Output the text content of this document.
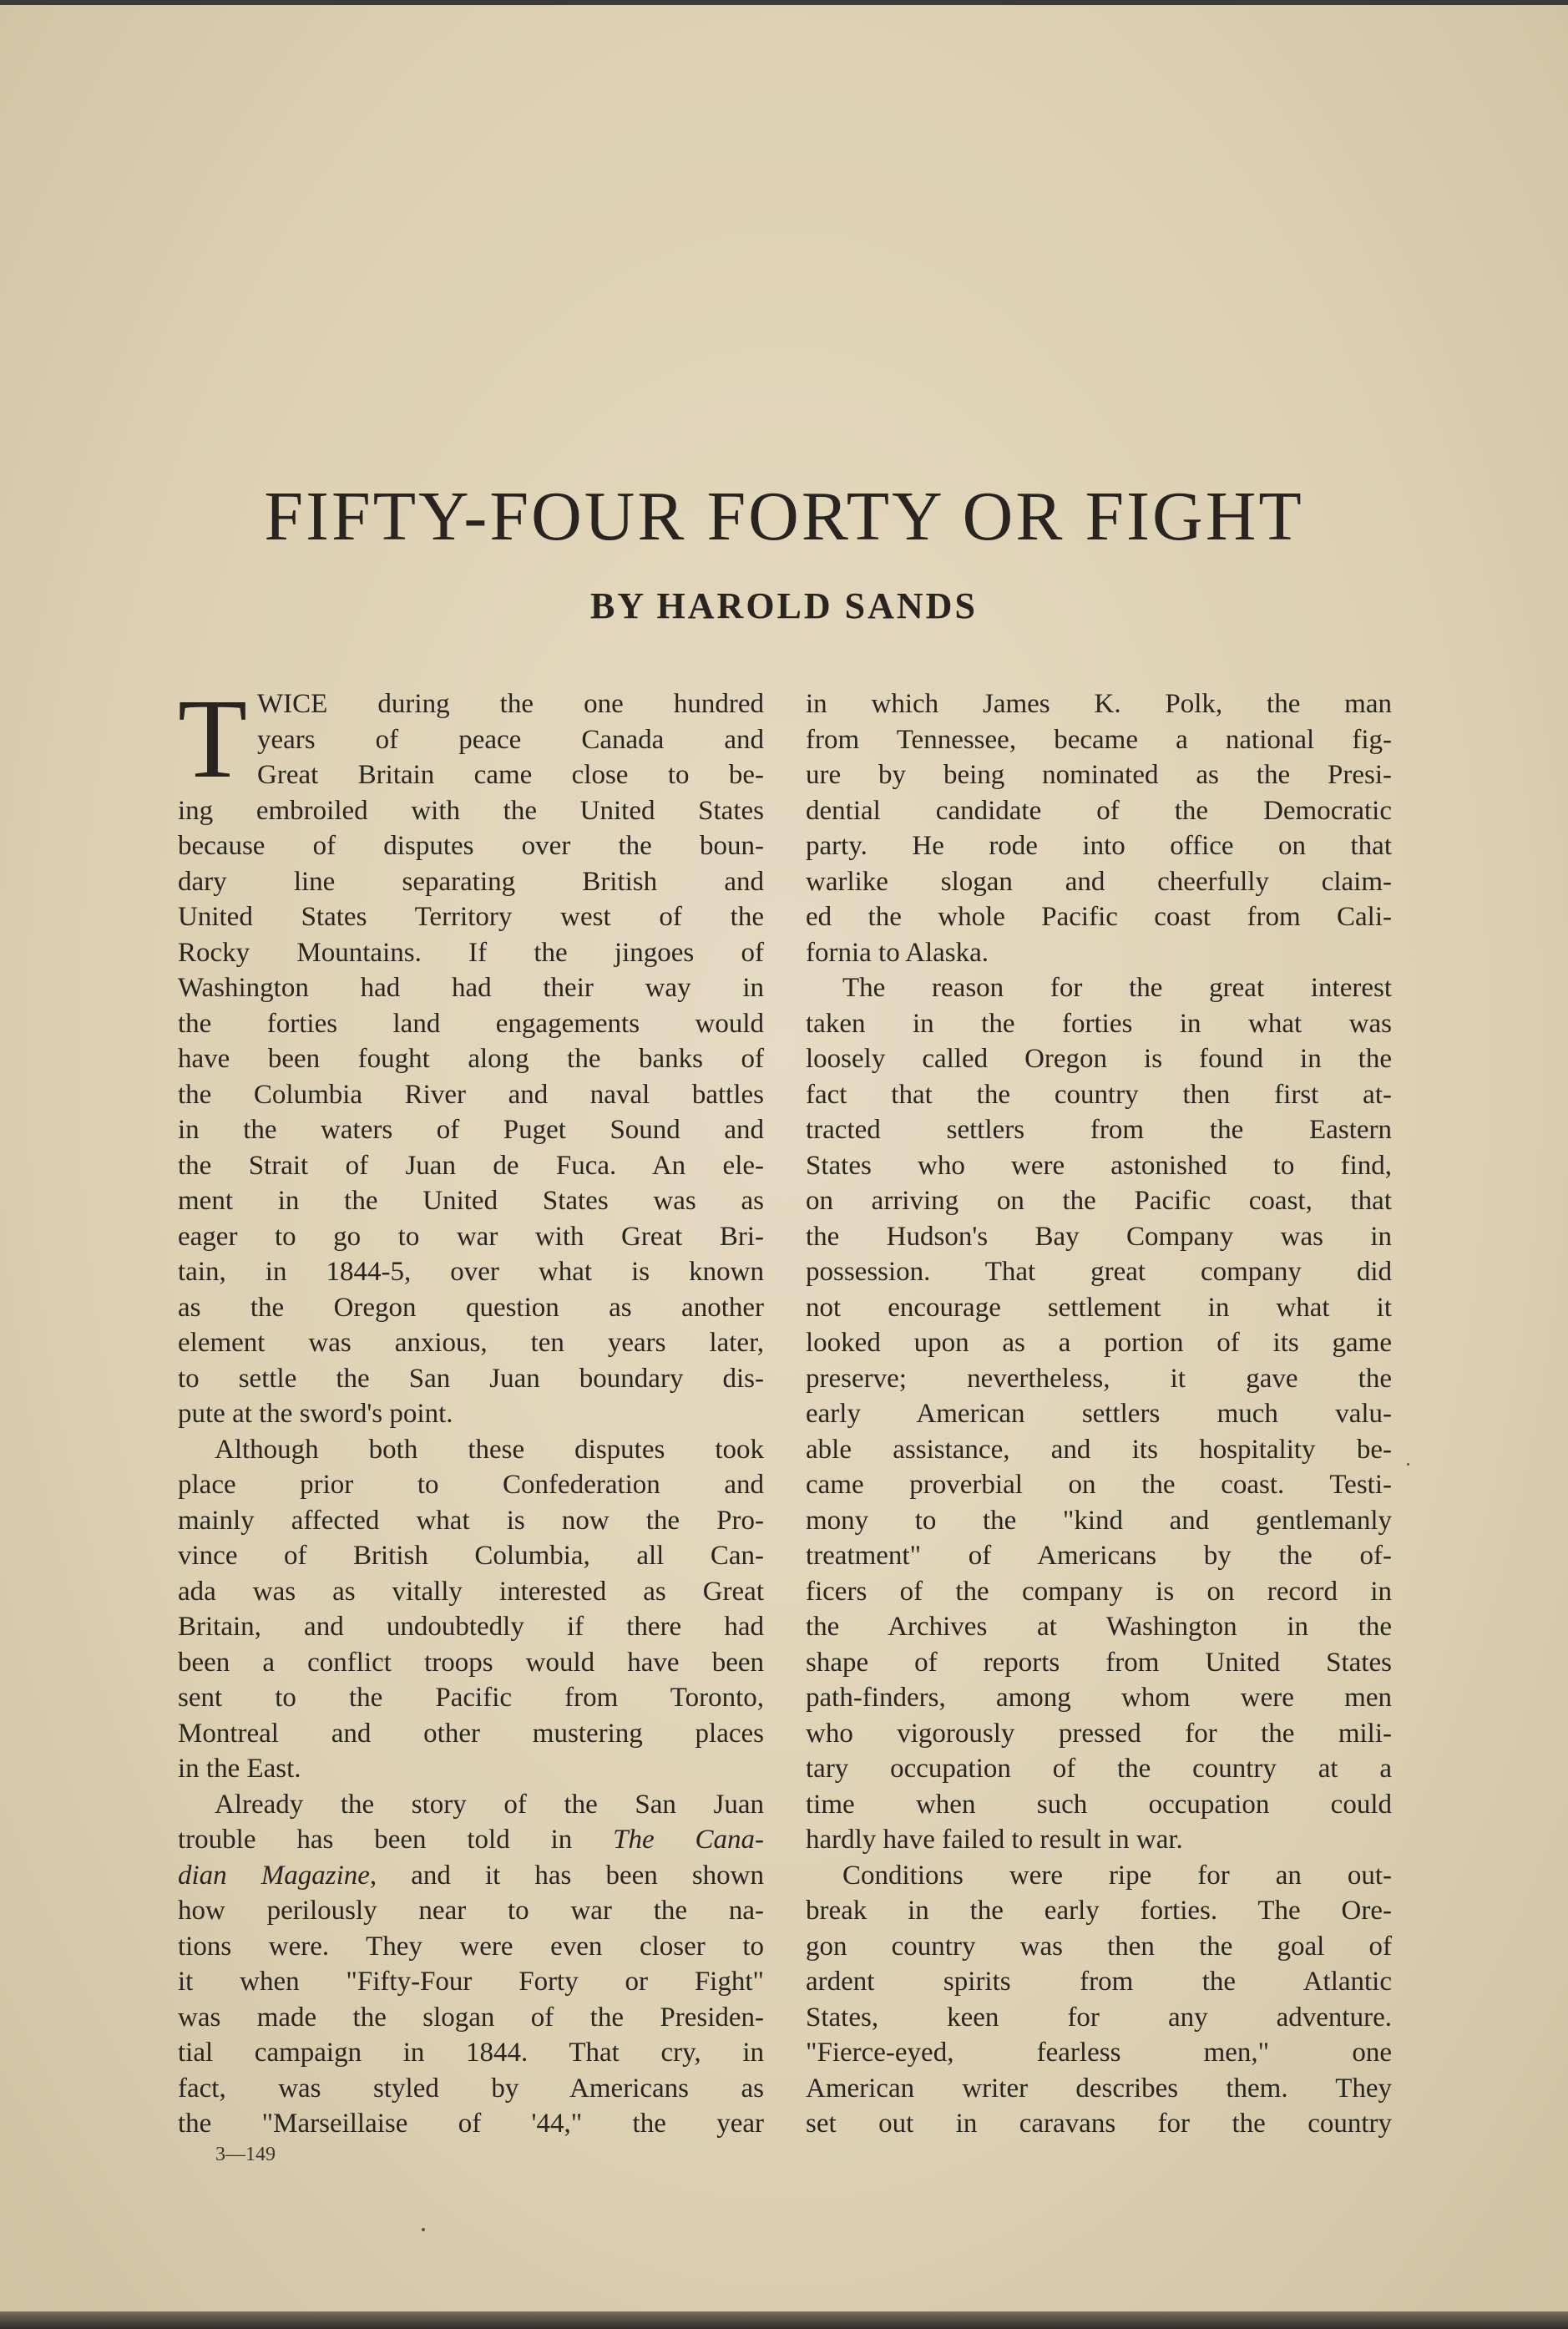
FIFTY-FOUR FORTY OR FIGHT
BY HAROLD SANDS
T WICE during the one hundred
years of peace Canada and
Great Britain came close to be-
ing embroiled with the United States
because of disputes over the boun-
dary line separating British and
United States Territory west of the
Rocky Mountains. If the jingoes of
Washington had had their way in
the forties land engagements would
have been fought along the banks of
the Columbia River and naval battles
in the waters of Puget Sound and
the Strait of Juan de Fuca. An ele-
ment in the United States was as
eager to go to war with Great Bri-
tain, in 1844-5, over what is known
as the Oregon question as another
element was anxious, ten years later,
to settle the San Juan boundary dis-
pute at the sword's point.
Although both these disputes took
place prior to Confederation and
mainly affected what is now the Pro-
vince of British Columbia, all Can-
ada was as vitally interested as Great
Britain, and undoubtedly if there had
been a conflict troops would have been
sent to the Pacific from Toronto,
Montreal and other mustering places
in the East.
Already the story of the San Juan
trouble has been told in The Cana-
dian Magazine, and it has been shown
how perilously near to war the na-
tions were. They were even closer to
it when "Fifty-Four Forty or Fight"
was made the slogan of the Presiden-
tial campaign in 1844. That cry, in
fact, was styled by Americans as
the "Marseillaise of '44," the year
in which James K. Polk, the man
from Tennessee, became a national fig-
ure by being nominated as the Presi-
dential candidate of the Democratic
party. He rode into office on that
warlike slogan and cheerfully claim-
ed the whole Pacific coast from Cali-
fornia to Alaska.
The reason for the great interest
taken in the forties in what was
loosely called Oregon is found in the
fact that the country then first at-
tracted settlers from the Eastern
States who were astonished to find,
on arriving on the Pacific coast, that
the Hudson's Bay Company was in
possession. That great company did
not encourage settlement in what it
looked upon as a portion of its game
preserve; nevertheless, it gave the
early American settlers much valu-
able assistance, and its hospitality be-
came proverbial on the coast. Testi-
mony to the "kind and gentlemanly
treatment" of Americans by the of-
ficers of the company is on record in
the Archives at Washington in the
shape of reports from United States
path-finders, among whom were men
who vigorously pressed for the mili-
tary occupation of the country at a
time when such occupation could
hardly have failed to result in war.
Conditions were ripe for an out-
break in the early forties. The Ore-
gon country was then the goal of
ardent spirits from the Atlantic
States, keen for any adventure.
"Fierce-eyed, fearless men," one
American writer describes them. They
set out in caravans for the country
3—149
